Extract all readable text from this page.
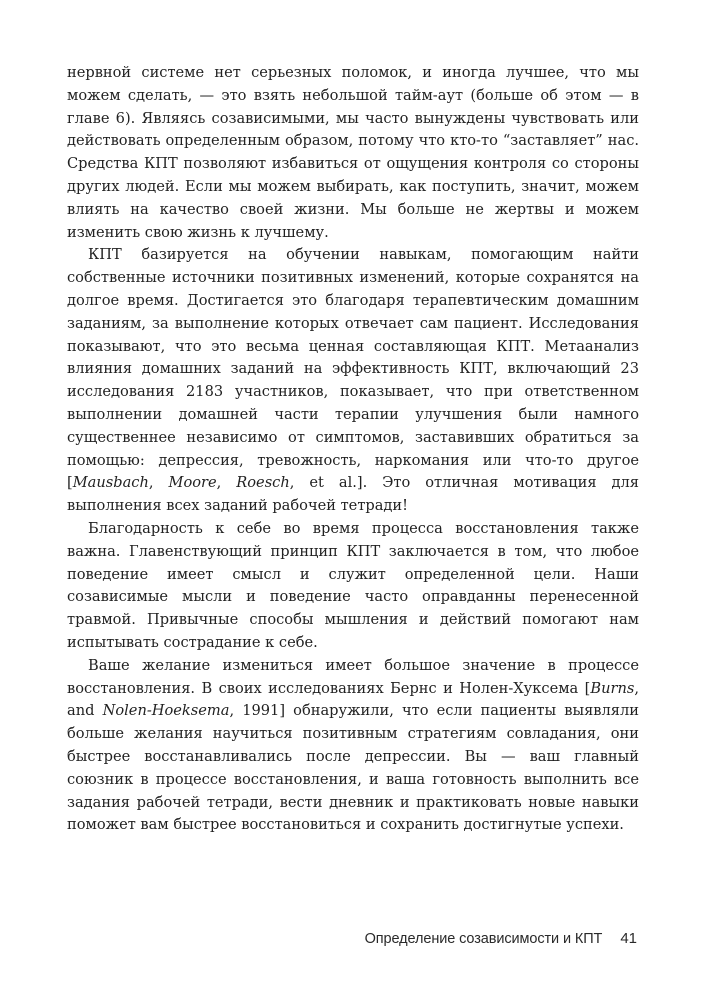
нервной системе нет серьезных поломок, и иногда лучшее, что мы можем сделать, — это взять небольшой тайм-аут (больше об этом — в главе 6). Являясь созависимыми, мы часто вынуждены чувствовать или действовать определенным образом, потому что кто-то “заставляет” нас. Средства КПТ позволяют избавиться от ощущения контроля со стороны других людей. Если мы можем выбирать, как поступить, значит, можем влиять на качество своей жизни. Мы больше не жертвы и можем изменить свою жизнь к лучшему.

КПТ базируется на обучении навыкам, помогающим найти собственные источники позитивных изменений, которые сохранятся на долгое время. Достигается это благодаря терапевтическим домашним заданиям, за выполнение которых отвечает сам пациент. Исследования показывают, что это весьма ценная составляющая КПТ. Метаанализ влияния домашних заданий на эффективность КПТ, включающий 23 исследования 2183 участников, показывает, что при ответственном выполнении домашней части терапии улучшения были намного существеннее независимо от симптомов, заставивших обратиться за помощью: депрессия, тревожность, наркомания или что-то другое [Mausbach, Moore, Roesch, et al.]. Это отличная мотивация для выполнения всех заданий рабочей тетради!

Благодарность к себе во время процесса восстановления также важна. Главенствующий принцип КПТ заключается в том, что любое поведение имеет смысл и служит определенной цели. Наши созависимые мысли и поведение часто оправданны перенесенной травмой. Привычные способы мышления и действий помогают нам испытывать сострадание к себе.

Ваше желание измениться имеет большое значение в процессе восстановления. В своих исследованиях Бернс и Нолен-Хуксема [Burns, and Nolen-Hoeksema, 1991] обнаружили, что если пациенты выявляли больше желания научиться позитивным стратегиям совладания, они быстрее восстанавливались после депрессии. Вы — ваш главный союзник в процессе восстановления, и ваша готовность выполнить все задания рабочей тетради, вести дневник и практиковать новые навыки поможет вам быстрее восстановиться и сохранить достигнутые успехи.

Определение созависимости и КПТ 41
